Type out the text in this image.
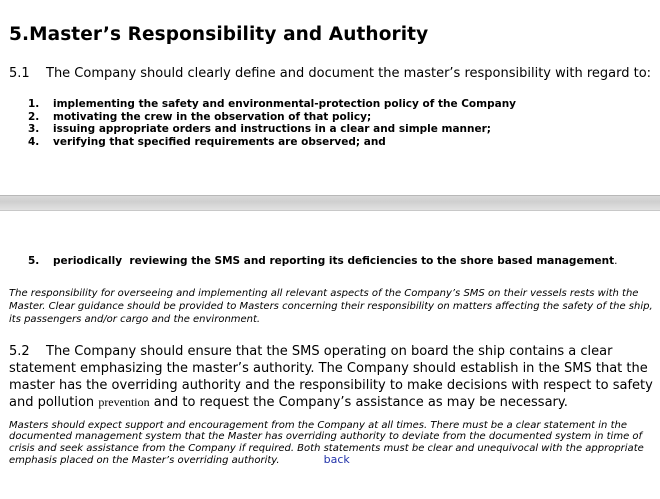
5.Master’s Responsibility and Authority
5.1 The Company should clearly define and document the master’s responsibility with regard to:
1. implementing the safety and environmental-protection policy of the Company
2. motivating the crew in the observation of that policy;
3. issuing appropriate orders and instructions in a clear and simple manner;
4. verifying that specified requirements are observed; and
5. periodically reviewing the SMS and reporting its deficiencies to the shore based management.
The responsibility for overseeing and implementing all relevant aspects of the Company’s SMS on their vessels rests with the Master. Clear guidance should be provided to Masters concerning their responsibility on matters affecting the safety of the ship, its passengers and/or cargo and the environment.
5.2 The Company should ensure that the SMS operating on board the ship contains a clear statement emphasizing the master’s authority. The Company should establish in the SMS that the master has the overriding authority and the responsibility to make decisions with respect to safety and pollution prevention and to request the Company’s assistance as may be necessary.
Masters should expect support and encouragement from the Company at all times. There must be a clear statement in the documented management system that the Master has overriding authority to deviate from the documented system in time of crisis and seek assistance from the Company if required. Both statements must be clear and unequivocal with the appropriate emphasis placed on the Master’s overriding authority.	back
